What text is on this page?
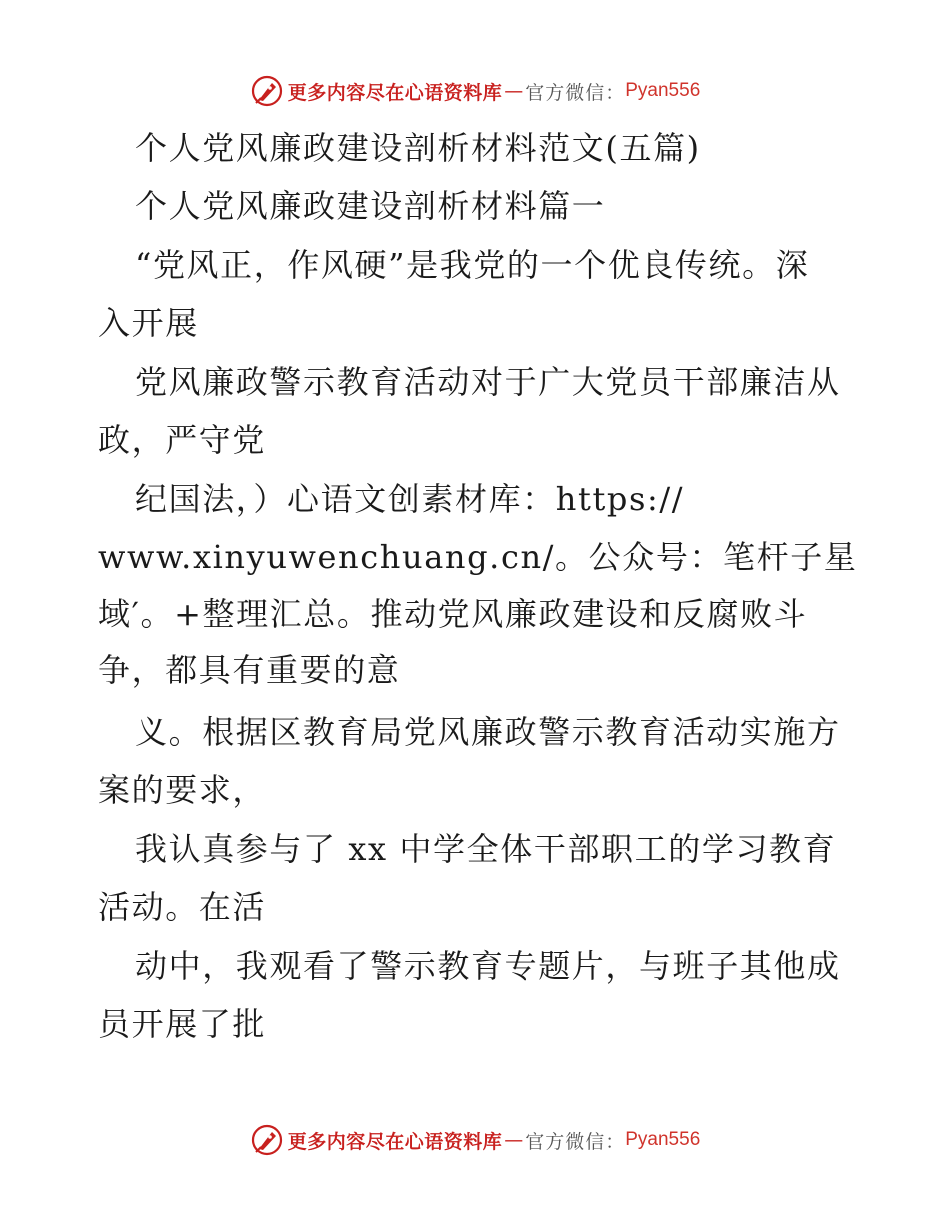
更多内容尽在心语资料库 — 官方微信： Pyan556
个人党风廉政建设剖析材料范文(五篇)
个人党风廉政建设剖析材料篇一
“党风正，作风硬”是我党的一个优良传统。深
入开展
党风廉政警示教育活动对于广大党员干部廉洁从
政，严守党
纪国法，）心语文创素材库：https://
www.xinyuwenchuang.cn/。公众号：笔杆子星
域′。+整理汇总。推动党风廉政建设和反腐败斗
争，都具有重要的意
义。根据区教育局党风廉政警示教育活动实施方
案的要求，
我认真参与了 xx 中学全体干部职工的学习教育
活动。在活
动中，我观看了警示教育专题片，与班子其他成
员开展了批
更多内容尽在心语资料库 — 官方微信： Pyan556
